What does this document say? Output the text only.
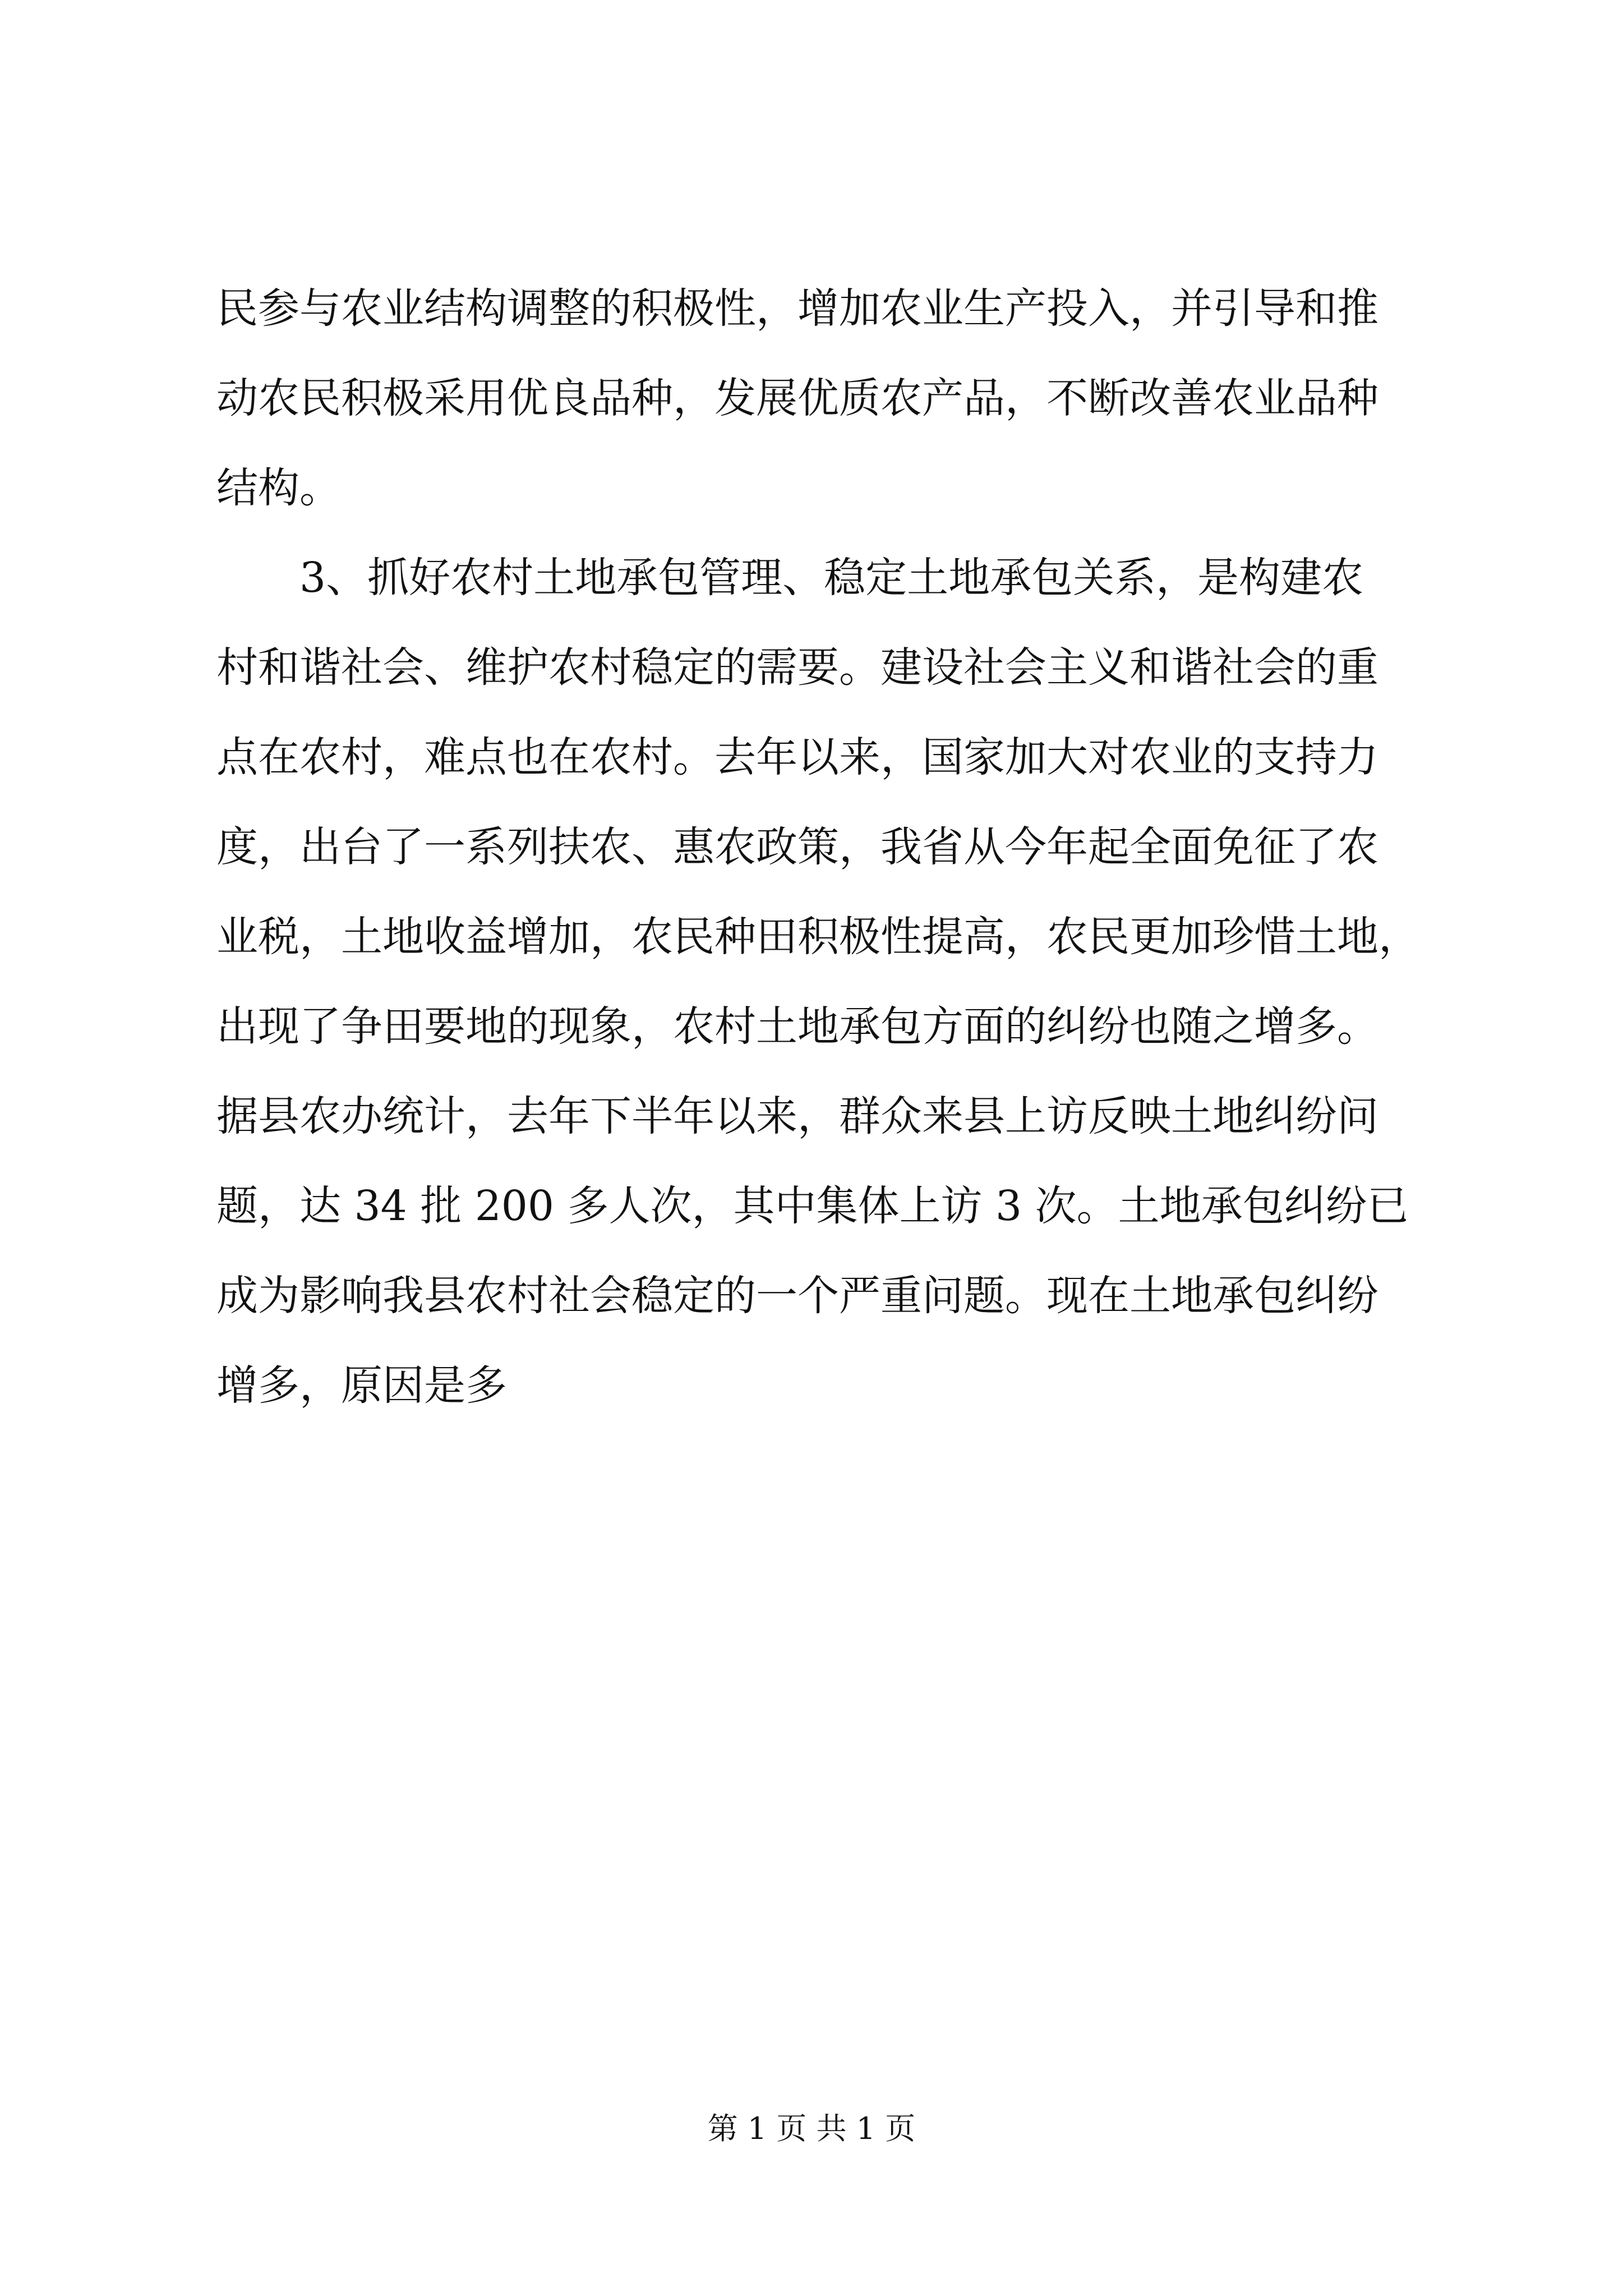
民参与农业结构调整的积极性，增加农业生产投入，并引导和推
动农民积极采用优良品种，发展优质农产品，不断改善农业品种
结构。
3、抓好农村土地承包管理、稳定土地承包关系，是构建农
村和谐社会、维护农村稳定的需要。建设社会主义和谐社会的重
点在农村，难点也在农村。去年以来，国家加大对农业的支持力
度，出台了一系列扶农、惠农政策，我省从今年起全面免征了农
业税，土地收益增加，农民种田积极性提高，农民更加珍惜土地，
出现了争田要地的现象，农村土地承包方面的纠纷也随之增多。
据县农办统计，去年下半年以来，群众来县上访反映土地纠纷问
题，达 34 批 200 多人次，其中集体上访 3 次。土地承包纠纷已
成为影响我县农村社会稳定的一个严重问题。现在土地承包纠纷
增多，原因是多
第 1 页 共 1 页
